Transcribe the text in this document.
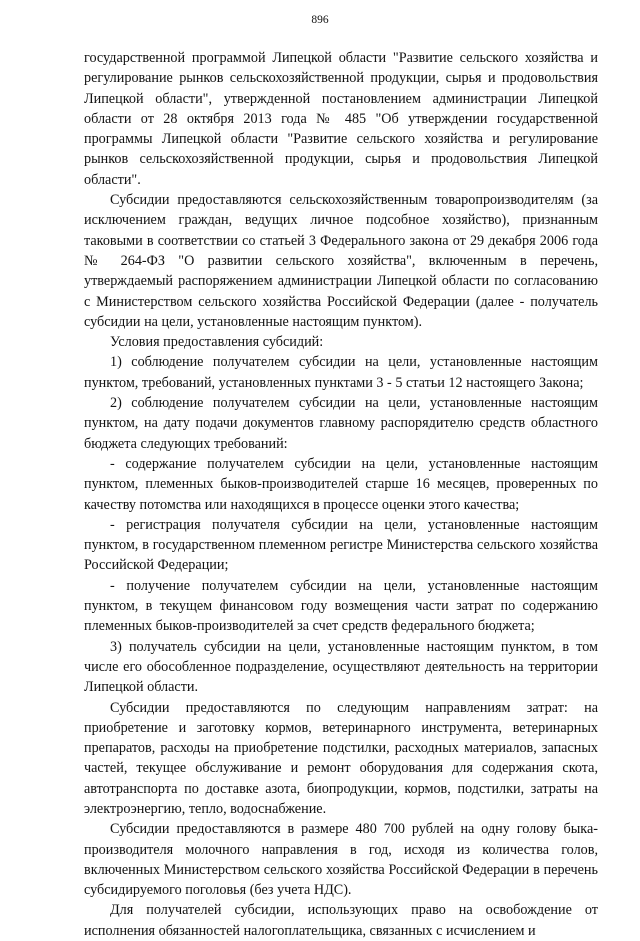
896

государственной программой Липецкой области "Развитие сельского хозяйства и регулирование рынков сельскохозяйственной продукции, сырья и продовольствия Липецкой области", утвержденной постановлением администрации Липецкой области от 28 октября 2013 года № 485 "Об утверждении государственной программы Липецкой области "Развитие сельского хозяйства и регулирование рынков сельскохозяйственной продукции, сырья и продовольствия Липецкой области".

Субсидии предоставляются сельскохозяйственным товаропроизводителям (за исключением граждан, ведущих личное подсобное хозяйство), признанным таковыми в соответствии со статьей 3 Федерального закона от 29 декабря 2006 года № 264-ФЗ "О развитии сельского хозяйства", включенным в перечень, утверждаемый распоряжением администрации Липецкой области по согласованию с Министерством сельского хозяйства Российской Федерации (далее - получатель субсидии на цели, установленные настоящим пунктом).

Условия предоставления субсидий:

1) соблюдение получателем субсидии на цели, установленные настоящим пунктом, требований, установленных пунктами 3 - 5 статьи 12 настоящего Закона;

2) соблюдение получателем субсидии на цели, установленные настоящим пунктом, на дату подачи документов главному распорядителю средств областного бюджета следующих требований:

- содержание получателем субсидии на цели, установленные настоящим пунктом, племенных быков-производителей старше 16 месяцев, проверенных по качеству потомства или находящихся в процессе оценки этого качества;

- регистрация получателя субсидии на цели, установленные настоящим пунктом, в государственном племенном регистре Министерства сельского хозяйства Российской Федерации;

- получение получателем субсидии на цели, установленные настоящим пунктом, в текущем финансовом году возмещения части затрат по содержанию племенных быков-производителей за счет средств федерального бюджета;

3) получатель субсидии на цели, установленные настоящим пунктом, в том числе его обособленное подразделение, осуществляют деятельность на территории Липецкой области.

Субсидии предоставляются по следующим направлениям затрат: на приобретение и заготовку кормов, ветеринарного инструмента, ветеринарных препаратов, расходы на приобретение подстилки, расходных материалов, запасных частей, текущее обслуживание и ремонт оборудования для содержания скота, автотранспорта по доставке азота, биопродукции, кормов, подстилки, затраты на электроэнергию, тепло, водоснабжение.

Субсидии предоставляются в размере 480 700 рублей на одну голову быка-производителя молочного направления в год, исходя из количества голов, включенных Министерством сельского хозяйства Российской Федерации в перечень субсидируемого поголовья (без учета НДС).

Для получателей субсидии, использующих право на освобождение от исполнения обязанностей налогоплательщика, связанных с исчислением и
